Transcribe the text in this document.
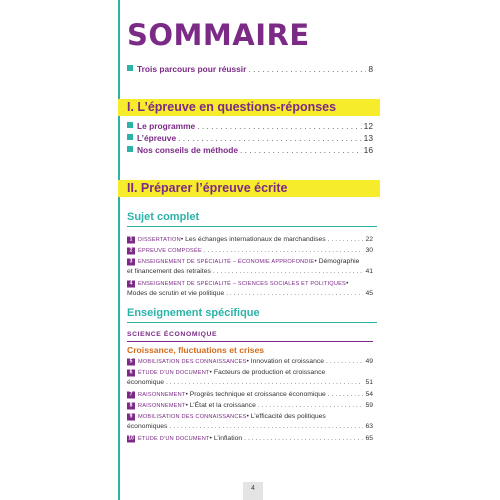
SOMMAIRE
Trois parcours pour réussir . . .	8
I. L’épreuve en questions-réponses
Le programme . . .	12
L’épreuve . . .	13
Nos conseils de méthode . . .	16
II. Préparer l’épreuve écrite
Sujet complet
1	DISSERTATION • Les échanges internationaux de marchandises . . .	22
2	ÉPREUVE COMPOSÉE . . .	30
3	ENSEIGNEMENT DE SPÉCIALITÉ – ÉCONOMIE APPROFONDIE • Démographie
et financement des retraites . . .	41
4	ENSEIGNEMENT DE SPÉCIALITÉ – SCIENCES SOCIALES ET POLITIQUES •
Modes de scrutin et vie politique . . .	45
Enseignement spécifique
SCIENCE ÉCONOMIQUE
Croissance, fluctuations et crises
5	MOBILISATION DES CONNAISSANCES • Innovation et croissance . . .	49
6	ÉTUDE D’UN DOCUMENT • Facteurs de production et croissance
économique . . .	51
7	RAISONNEMENT • Progrès technique et croissance économique . . .	54
8	RAISONNEMENT • L’État et la croissance . . .	59
9	MOBILISATION DES CONNAISSANCES • L’efficacité des politiques
économiques . . .	63
10 ÉTUDE D’UN DOCUMENT • L’inflation . . .	65
4
